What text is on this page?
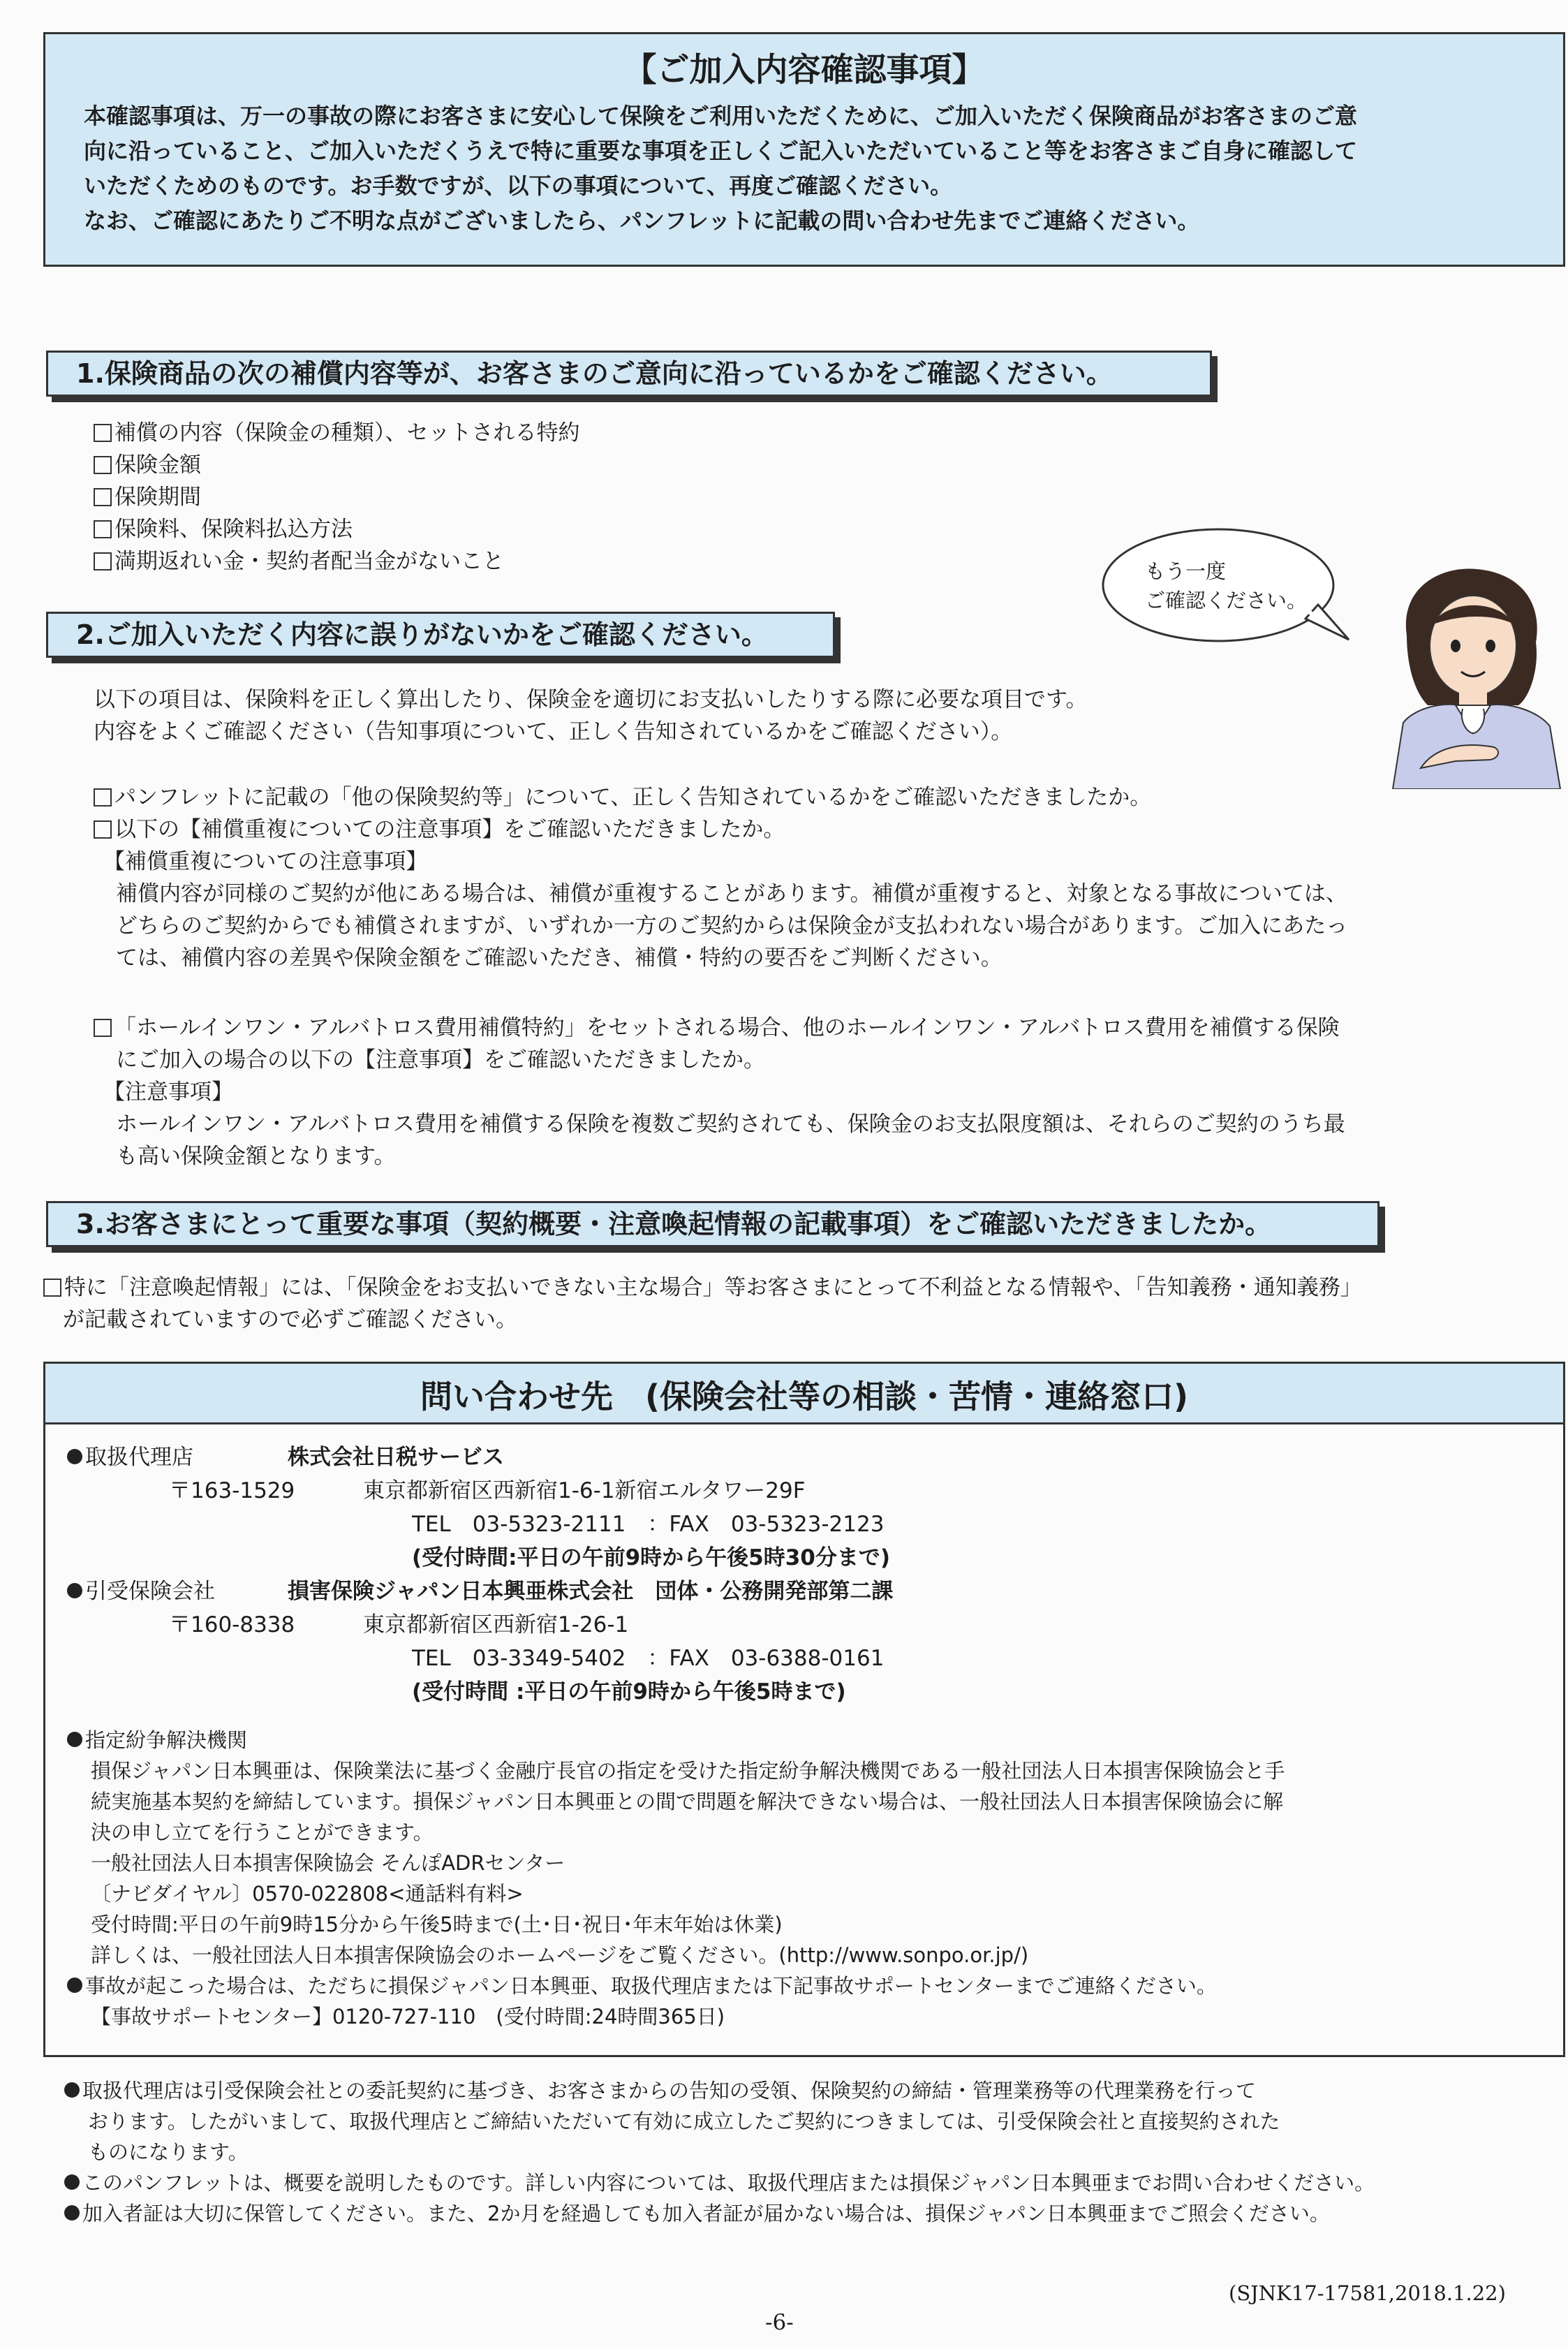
【ご加入内容確認事項】
本確認事項は、万一の事故の際にお客さまに安心して保険をご利用いただくために、ご加入いただく保険商品がお客さまのご意
向に沿っていること、ご加入いただくうえで特に重要な事項を正しくご記入いただいていること等をお客さまご自身に確認して
いただくためのものです。お手数ですが、以下の事項について、再度ご確認ください。
なお、ご確認にあたりご不明な点がございましたら、パンフレットに記載の問い合わせ先までご連絡ください。
1.保険商品の次の補償内容等が、お客さまのご意向に沿っているかをご確認ください。
補償の内容（保険金の種類）、セットされる特約
保険金額
保険期間
保険料、保険料払込方法
満期返れい金・契約者配当金がないこと	もう一度
ご確認ください。
2.ご加入いただく内容に誤りがないかをご確認ください。
以下の項目は、保険料を正しく算出したり、保険金を適切にお支払いしたりする際に必要な項目です。
内容をよくご確認ください（告知事項について、正しく告知されているかをご確認ください）。
パンフレットに記載の「他の保険契約等」について、正しく告知されているかをご確認いただきましたか。
以下の【補償重複についての注意事項】をご確認いただきましたか。
【補償重複についての注意事項】
補償内容が同様のご契約が他にある場合は、補償が重複することがあります。補償が重複すると、対象となる事故については、
どちらのご契約からでも補償されますが、いずれか一方のご契約からは保険金が支払われない場合があります。ご加入にあたっ
ては、補償内容の差異や保険金額をご確認いただき、補償・特約の要否をご判断ください。
「ホールインワン・アルバトロス費用補償特約」をセットされる場合、他のホールインワン・アルバトロス費用を補償する保険
にご加入の場合の以下の【注意事項】をご確認いただきましたか。
【注意事項】
ホールインワン・アルバトロス費用を補償する保険を複数ご契約されても、保険金のお支払限度額は、それらのご契約のうち最
も高い保険金額となります。
3.お客さまにとって重要な事項（契約概要・注意喚起情報の記載事項）をご確認いただきましたか。
特に「注意喚起情報」には、「保険金をお支払いできない主な場合」等お客さまにとって不利益となる情報や、「告知義務・通知義務」
が記載されていますので必ずご確認ください。
問い合わせ先　(保険会社等の相談・苦情・連絡窓口)
取扱代理店	株式会社日税サービス
〒163-1529	東京都新宿区西新宿1-6-1新宿エルタワー29F
TEL　03-5323-2111　：FAX　03-5323-2123
(受付時間:平日の午前9時から午後5時30分まで)
引受保険会社	損害保険ジャパン日本興亜株式会社　団体・公務開発部第二課
〒160-8338	東京都新宿区西新宿1-26-1
TEL　03-3349-5402　：FAX　03-6388-0161
(受付時間 :平日の午前9時から午後5時まで)
指定紛争解決機関
損保ジャパン日本興亜は、保険業法に基づく金融庁長官の指定を受けた指定紛争解決機関である一般社団法人日本損害保険協会と手
続実施基本契約を締結しています。損保ジャパン日本興亜との間で問題を解決できない場合は、一般社団法人日本損害保険協会に解
決の申し立てを行うことができます。
一般社団法人日本損害保険協会 そんぽADRセンター
〔ナビダイヤル〕0570-022808<通話料有料>
受付時間:平日の午前9時15分から午後5時まで(土･日･祝日･年末年始は休業)
詳しくは、一般社団法人日本損害保険協会のホームページをご覧ください。(http://www.sonpo.or.jp/)
事故が起こった場合は、ただちに損保ジャパン日本興亜、取扱代理店または下記事故サポートセンターまでご連絡ください。
【事故サポートセンター】0120-727-110　(受付時間:24時間365日)
取扱代理店は引受保険会社との委託契約に基づき、お客さまからの告知の受領、保険契約の締結・管理業務等の代理業務を行って
おります。したがいまして、取扱代理店とご締結いただいて有効に成立したご契約につきましては、引受保険会社と直接契約された
ものになります。
このパンフレットは、概要を説明したものです。詳しい内容については、取扱代理店または損保ジャパン日本興亜までお問い合わせください。
加入者証は大切に保管してください。また、2か月を経過しても加入者証が届かない場合は、損保ジャパン日本興亜までご照会ください。
(SJNK17-17581,2018.1.22)
-6-
